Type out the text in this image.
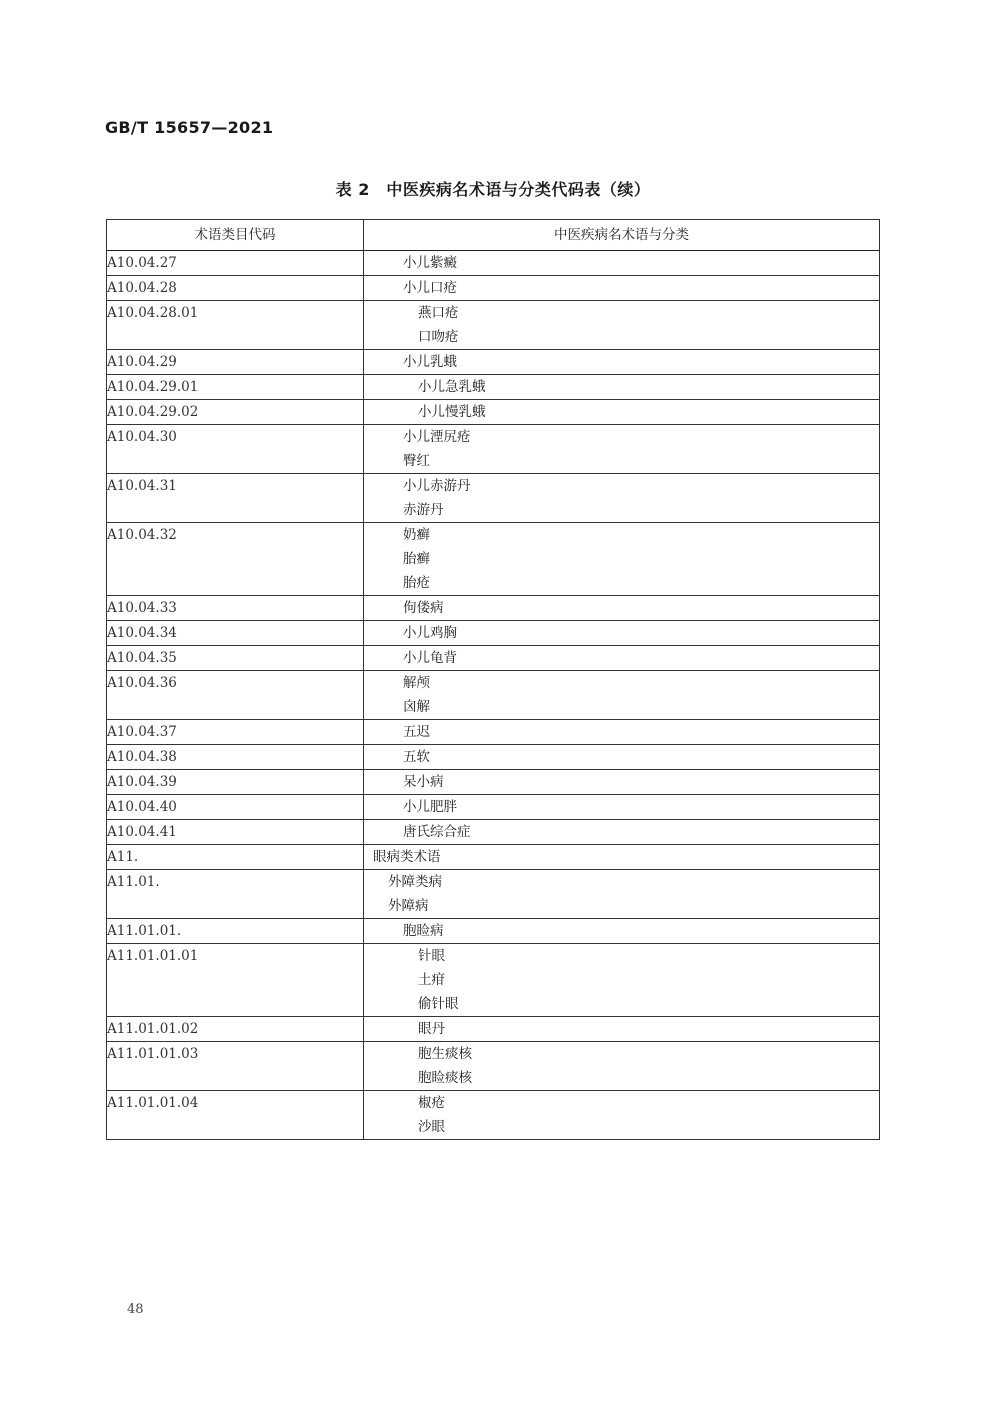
GB/T 15657—2021
表 2　中医疾病名术语与分类代码表（续）
术语类目代码	中医疾病名术语与分类
A10.04.27	小儿紫癜

A10.04.28	小儿口疮

A10.04.28.01	燕口疮
口吻疮

A10.04.29	小儿乳蛾

A10.04.29.01	小儿急乳蛾

A10.04.29.02	小儿慢乳蛾

A10.04.30	小儿湮尻疮
臀红

A10.04.31	小儿赤游丹
赤游丹

A10.04.32	奶癣
胎癣
胎疮

A10.04.33	佝偻病

A10.04.34	小儿鸡胸

A10.04.35	小儿龟背

A10.04.36	解颅
囟解

A10.04.37	五迟

A10.04.38	五软

A10.04.39	呆小病

A10.04.40	小儿肥胖

A10.04.41	唐氏综合症

A11.	眼病类术语

A11.01.	外障类病
外障病

A11.01.01.	胞睑病

A11.01.01.01	针眼
土疳
偷针眼

A11.01.01.02	眼丹

A11.01.01.03	胞生痰核
胞睑痰核

A11.01.01.04	椒疮
沙眼
48
